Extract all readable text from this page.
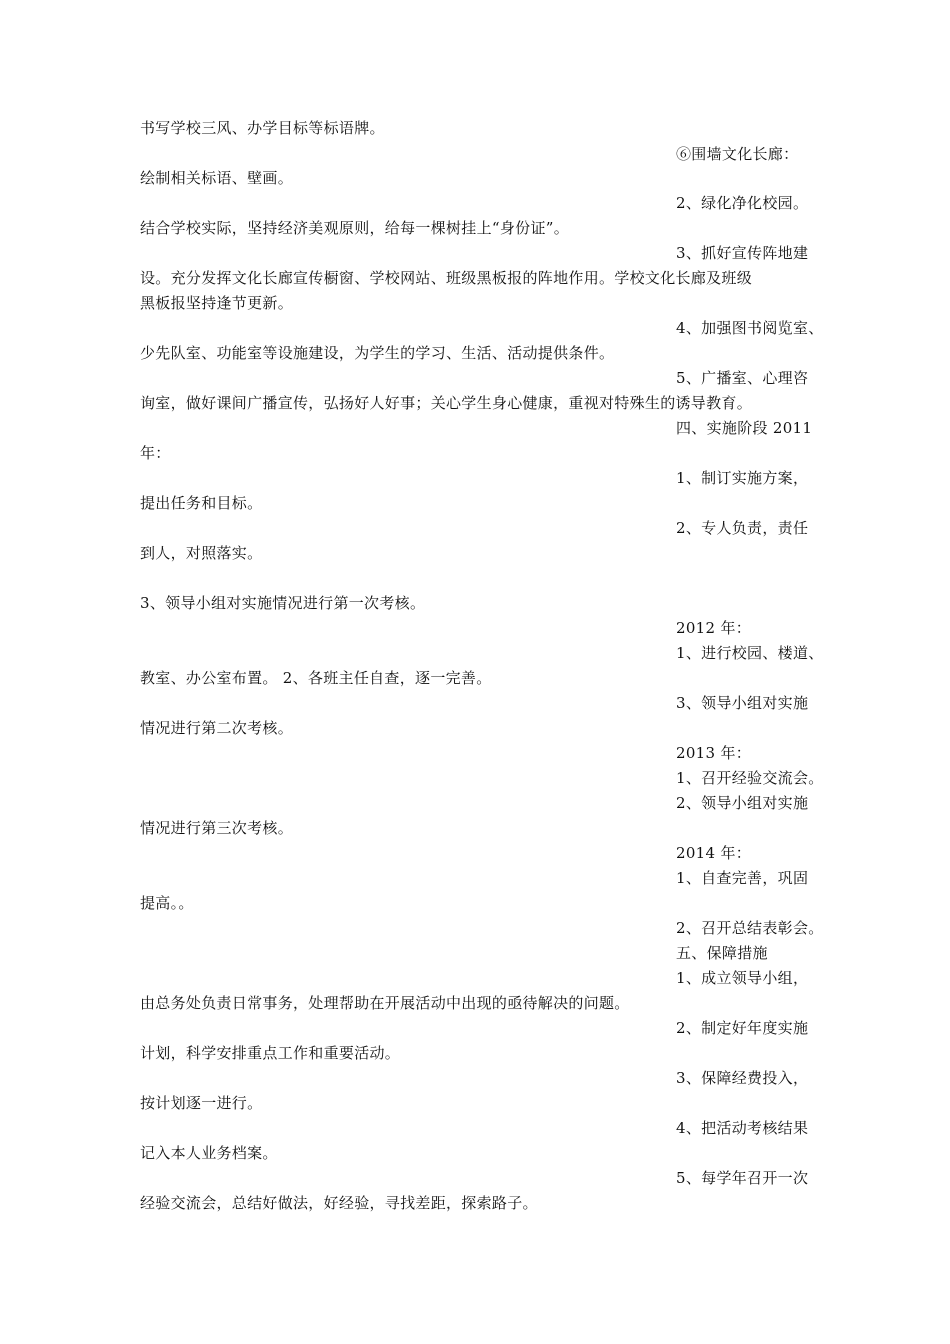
书写学校三风、办学目标等标语牌。
⑥围墙文化长廊：
绘制相关标语、壁画。
2、绿化净化校园。
结合学校实际，坚持经济美观原则，给每一棵树挂上“身份证”。
3、抓好宣传阵地建
设。充分发挥文化长廊宣传橱窗、学校网站、班级黑板报的阵地作用。学校文化长廊及班级
黑板报坚持逢节更新。
4、加强图书阅览室、
少先队室、功能室等设施建设，为学生的学习、生活、活动提供条件。
5、广播室、心理咨
询室，做好课间广播宣传，弘扬好人好事；关心学生身心健康，重视对特殊生的诱导教育。
四、实施阶段 2011
年：
1、制订实施方案，
提出任务和目标。
2、专人负责，责任
到人，对照落实。
3、领导小组对实施情况进行第一次考核。
2012 年：
1、进行校园、楼道、
教室、办公室布置。 2、各班主任自查，逐一完善。
3、领导小组对实施
情况进行第二次考核。
2013 年：
1、召开经验交流会。
2、领导小组对实施
情况进行第三次考核。
2014 年：
1、自查完善，巩固
提高。。
2、召开总结表彰会。
五、保障措施
1、成立领导小组，
由总务处负责日常事务，处理帮助在开展活动中出现的亟待解决的问题。
2、制定好年度实施
计划，科学安排重点工作和重要活动。
3、保障经费投入，
按计划逐一进行。
4、把活动考核结果
记入本人业务档案。
5、每学年召开一次
经验交流会，总结好做法，好经验，寻找差距，探索路子。
